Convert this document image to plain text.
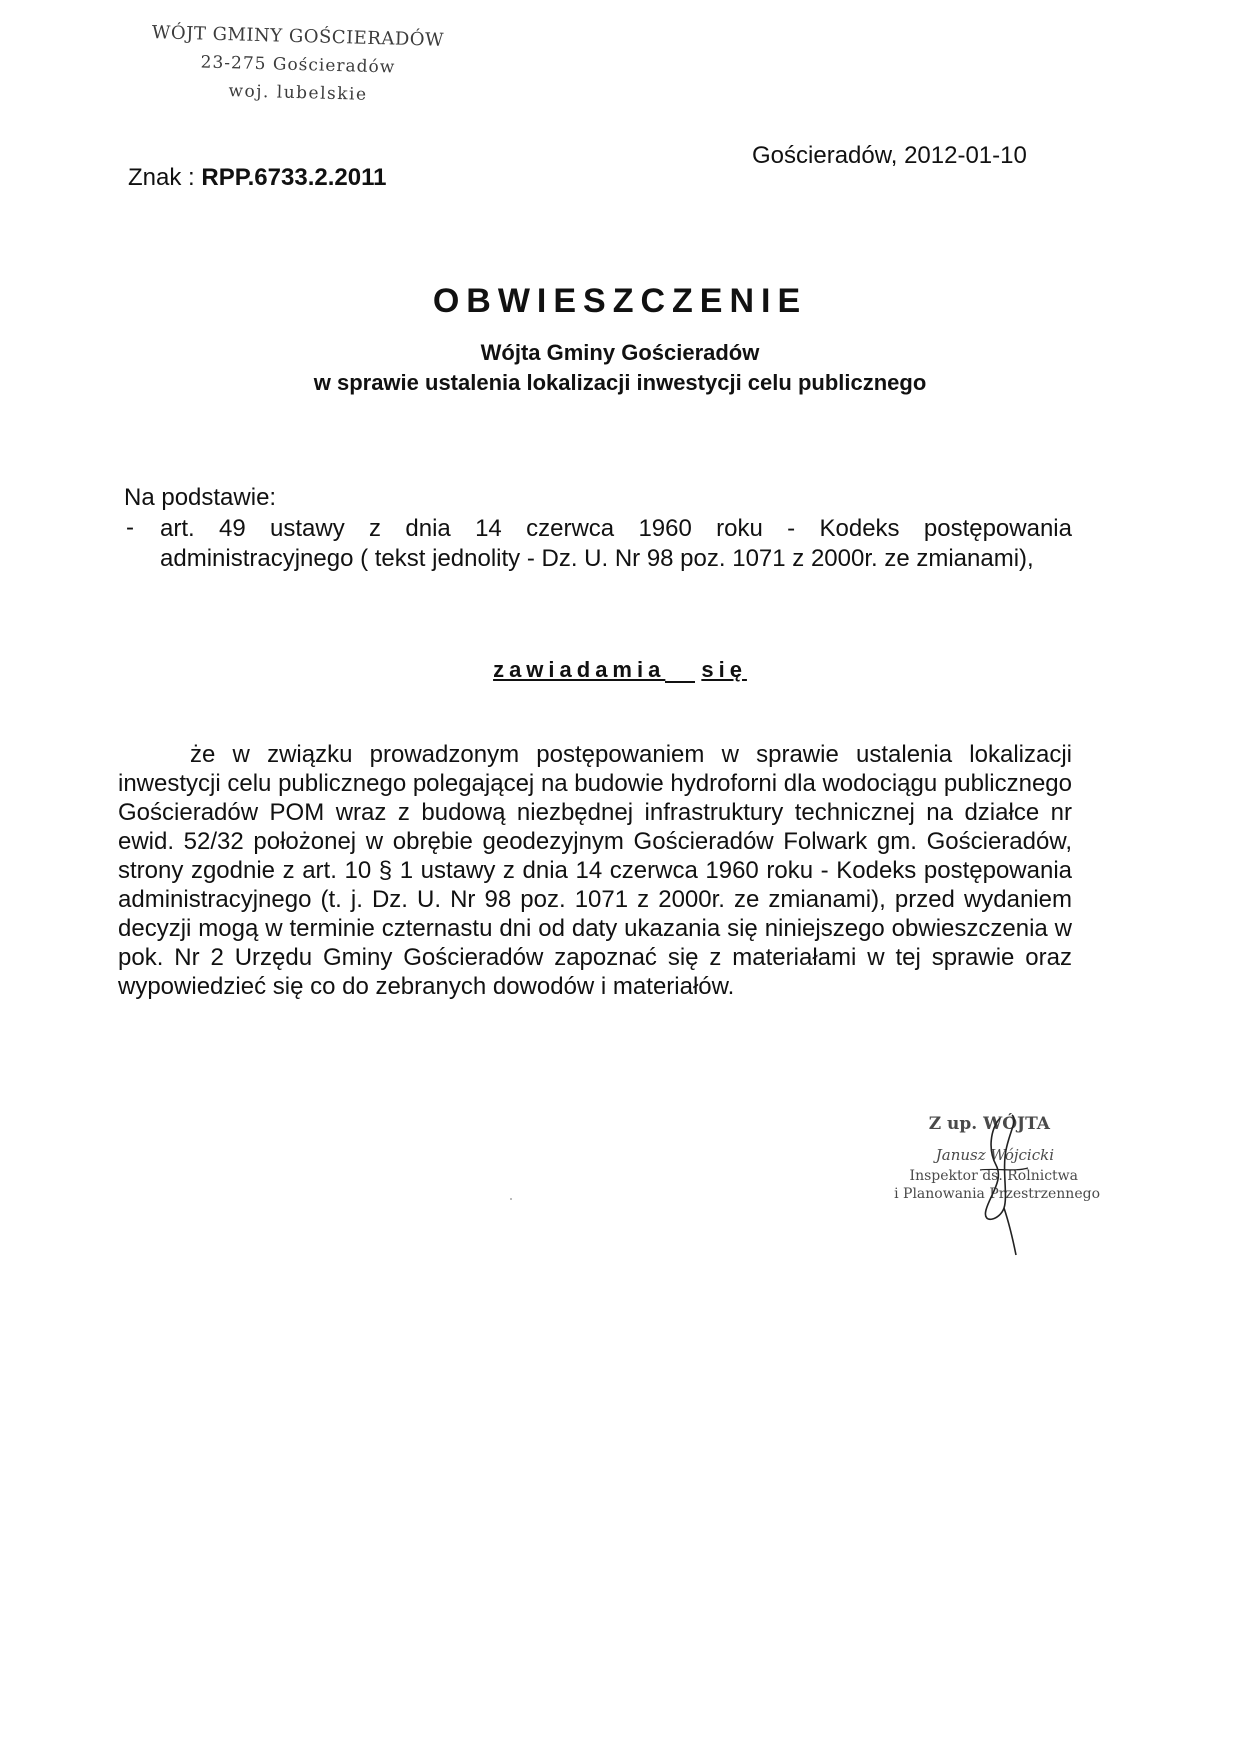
WÓJT GMINY GOŚCIERADÓW
23-275 Gościeradów
woj. lubelskie
Znak : RPP.6733.2.2011
Gościeradów, 2012-01-10
OBWIESZCZENIE
Wójta Gminy Gościeradów
w sprawie ustalenia lokalizacji inwestycji celu publicznego
Na podstawie:
- art. 49 ustawy z dnia 14 czerwca 1960 roku - Kodeks postępowania administracyjnego ( tekst jednolity - Dz. U. Nr 98 poz. 1071 z 2000r. ze zmianami),
zawiadamia się
że w związku prowadzonym postępowaniem w sprawie ustalenia lokalizacji inwestycji celu publicznego polegającej na budowie hydroforni dla wodociągu publicznego Gościeradów POM wraz z budową niezbędnej infrastruktury technicznej na działce nr ewid. 52/32 położonej w obrębie geodezyjnym Gościeradów Folwark gm. Gościeradów, strony zgodnie z art. 10 § 1 ustawy z dnia 14 czerwca 1960 roku - Kodeks postępowania administracyjnego (t. j. Dz. U. Nr 98 poz. 1071 z 2000r. ze zmianami), przed wydaniem decyzji mogą w terminie czternastu dni od daty ukazania się niniejszego obwieszczenia w pok. Nr 2 Urzędu Gminy Gościeradów zapoznać się z materiałami w tej sprawie oraz wypowiedzieć się co do zebranych dowodów i materiałów.
Z up. WÓJTA
Janusz Wójcicki
Inspektor ds. Rolnictwa
i Planowania Przestrzennego
